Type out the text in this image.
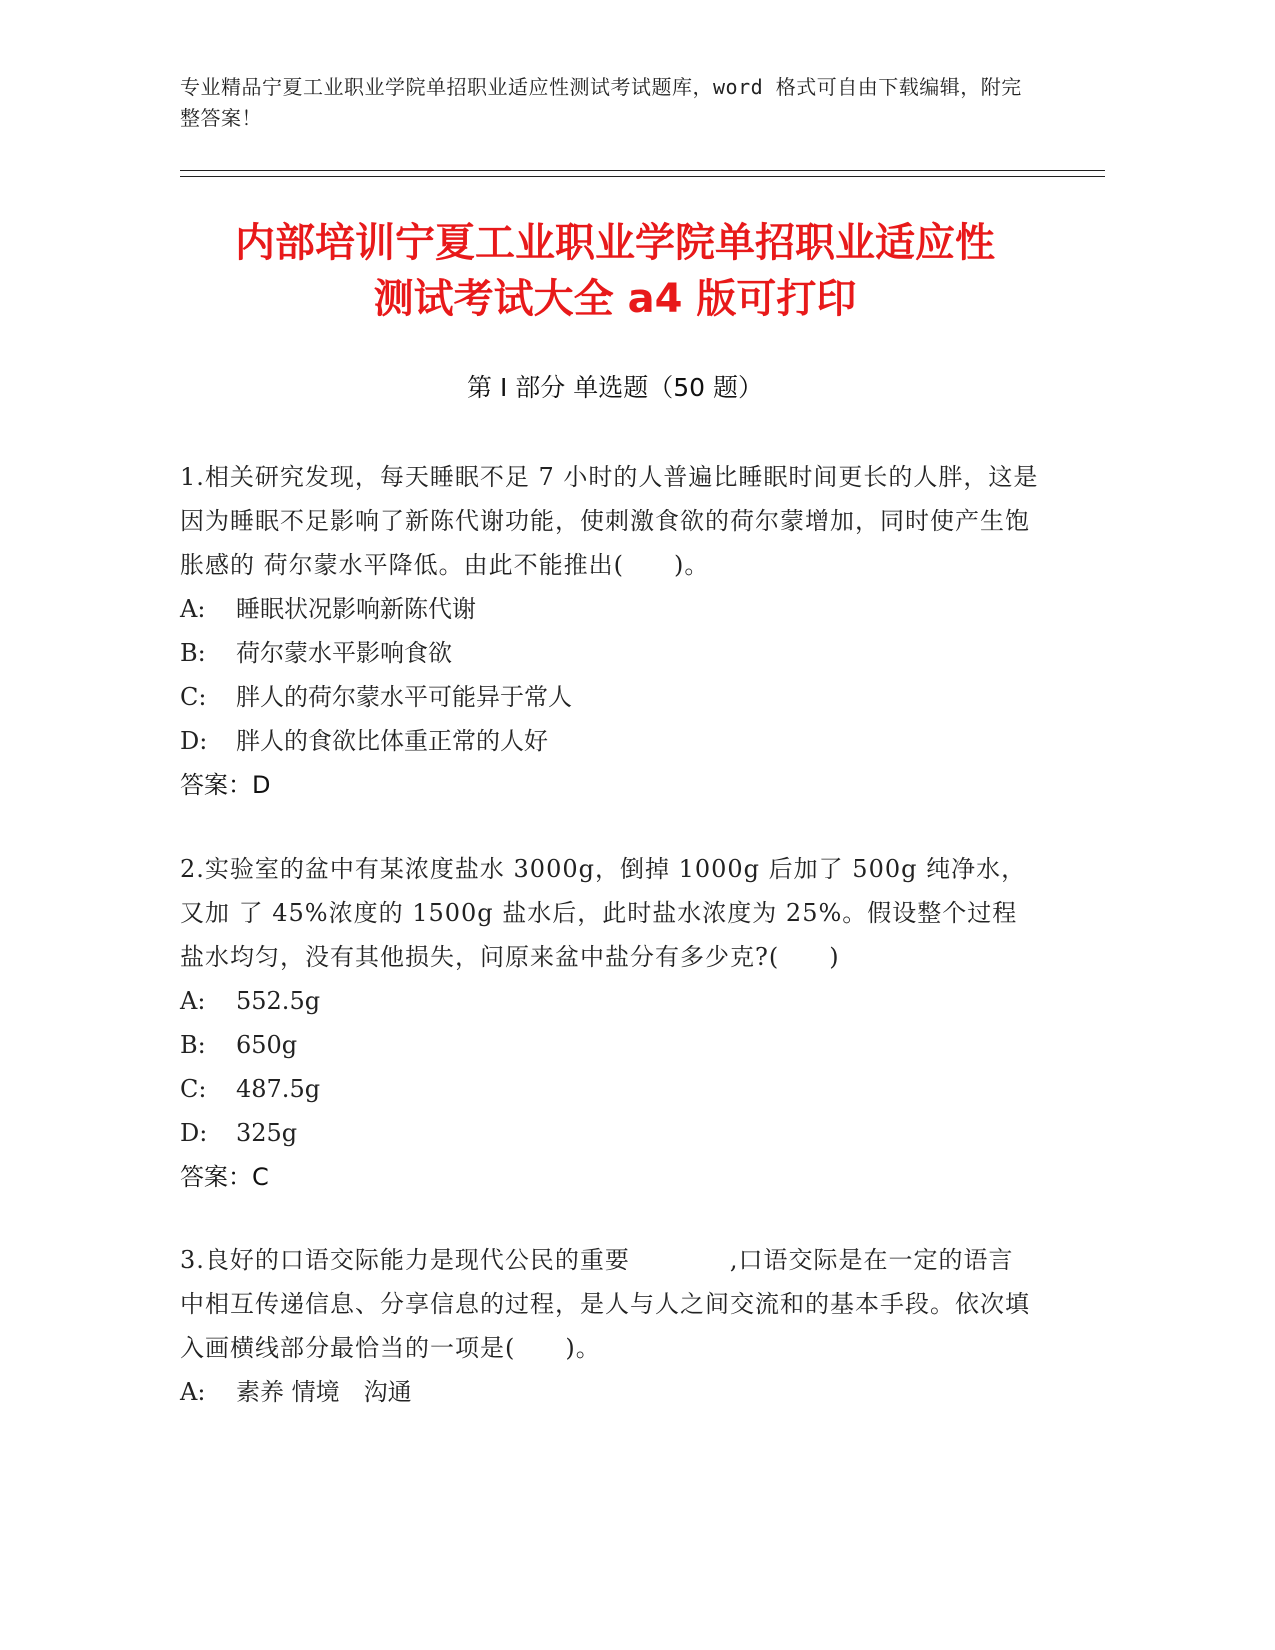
专业精品宁夏工业职业学院单招职业适应性测试考试题库，word 格式可自由下载编辑，附完整答案！
内部培训宁夏工业职业学院单招职业适应性
测试考试大全 a4 版可打印
第 I 部分 单选题（50 题）
1.相关研究发现，每天睡眠不足 7 小时的人普遍比睡眠时间更长的人胖，这是 因为睡眠不足影响了新陈代谢功能，使刺激食欲的荷尔蒙增加，同时使产生饱胀感的 荷尔蒙水平降低。由此不能推出(　　)。
A: 睡眠状况影响新陈代谢
B: 荷尔蒙水平影响食欲
C: 胖人的荷尔蒙水平可能异于常人
D: 胖人的食欲比体重正常的人好
答案：D
2.实验室的盆中有某浓度盐水 3000g，倒掉 1000g 后加了 500g 纯净水，又加 了 45%浓度的 1500g 盐水后，此时盐水浓度为 25%。假设整个过程盐水均匀，没有其他损失，问原来盆中盐分有多少克?(　　)
A: 552.5g
B: 650g
C: 487.5g
D: 325g
答案：C
3.良好的口语交际能力是现代公民的重要　　　　,口语交际是在一定的语言　　　　中相互传递信息、分享信息的过程，是人与人之间交流和的基本手段。依次填入画横线部分最恰当的一项是(　　)。
A: 素养 情境　沟通
